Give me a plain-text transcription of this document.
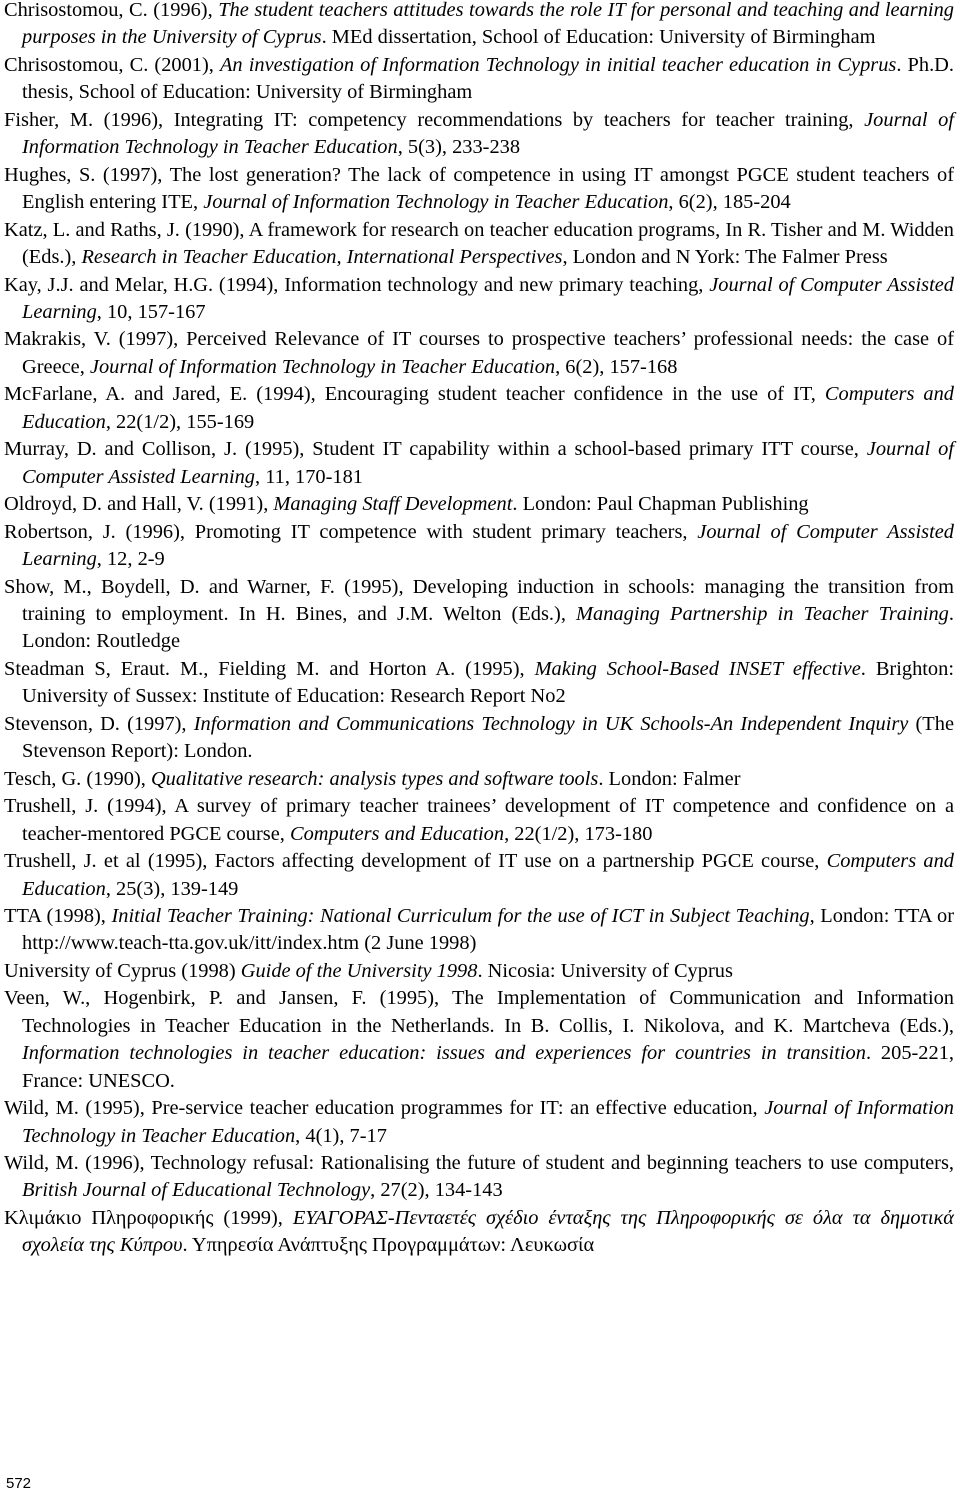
Chrisostomou, C. (1996), The student teachers attitudes towards the role IT for personal and teaching and learning purposes in the University of Cyprus. MEd dissertation, School of Education: University of Birmingham
Chrisostomou, C. (2001), An investigation of Information Technology in initial teacher education in Cyprus. Ph.D. thesis, School of Education: University of Birmingham
Fisher, M. (1996), Integrating IT: competency recommendations by teachers for teacher training, Journal of Information Technology in Teacher Education, 5(3), 233-238
Hughes, S. (1997), The lost generation? The lack of competence in using IT amongst PGCE student teachers of English entering ITE, Journal of Information Technology in Teacher Education, 6(2), 185-204
Katz, L. and Raths, J. (1990), A framework for research on teacher education programs, In R. Tisher and M. Widden (Eds.), Research in Teacher Education, International Perspectives, London and N York: The Falmer Press
Kay, J.J. and Melar, H.G. (1994), Information technology and new primary teaching, Journal of Computer Assisted Learning, 10, 157-167
Makrakis, V. (1997), Perceived Relevance of IT courses to prospective teachers’ professional needs: the case of Greece, Journal of Information Technology in Teacher Education, 6(2), 157-168
McFarlane, A. and Jared, E. (1994), Encouraging student teacher confidence in the use of IT, Computers and Education, 22(1/2), 155-169
Murray, D. and Collison, J. (1995), Student IT capability within a school-based primary ITT course, Journal of Computer Assisted Learning, 11, 170-181
Oldroyd, D. and Hall, V. (1991), Managing Staff Development. London: Paul Chapman Publishing
Robertson, J. (1996), Promoting IT competence with student primary teachers, Journal of Computer Assisted Learning, 12, 2-9
Show, M., Boydell, D. and Warner, F. (1995), Developing induction in schools: managing the transition from training to employment. In H. Bines, and J.M. Welton (Eds.), Managing Partnership in Teacher Training. London: Routledge
Steadman S, Eraut. M., Fielding M. and Horton A. (1995), Making School-Based INSET effective. Brighton: University of Sussex: Institute of Education: Research Report No2
Stevenson, D. (1997), Information and Communications Technology in UK Schools-An Independent Inquiry (The Stevenson Report): London.
Tesch, G. (1990), Qualitative research: analysis types and software tools. London: Falmer
Trushell, J. (1994), A survey of primary teacher trainees’ development of IT competence and confidence on a teacher-mentored PGCE course, Computers and Education, 22(1/2), 173-180
Trushell, J. et al (1995), Factors affecting development of IT use on a partnership PGCE course, Computers and Education, 25(3), 139-149
TTA (1998), Initial Teacher Training: National Curriculum for the use of ICT in Subject Teaching, London: TTA or http://www.teach-tta.gov.uk/itt/index.htm (2 June 1998)
University of Cyprus (1998) Guide of the University 1998. Nicosia: University of Cyprus
Veen, W., Hogenbirk, P. and Jansen, F. (1995), The Implementation of Communication and Information Technologies in Teacher Education in the Netherlands. In B. Collis, I. Nikolova, and K. Martcheva (Eds.), Information technologies in teacher education: issues and experiences for countries in transition. 205-221, France: UNESCO.
Wild, M. (1995), Pre-service teacher education programmes for IT: an effective education, Journal of Information Technology in Teacher Education, 4(1), 7-17
Wild, M. (1996), Technology refusal: Rationalising the future of student and beginning teachers to use computers, British Journal of Educational Technology, 27(2), 134-143
Κλιμάκιο Πληροφορικής (1999), ΕΥΑΓΟΡΑΣ-Πενταετές σχέδιο ένταξης της Πληροφορικής σε όλα τα δημοτικά σχολεία της Κύπρου. Υπηρεσία Ανάπτυξης Προγραμμάτων: Λευκωσία
572
